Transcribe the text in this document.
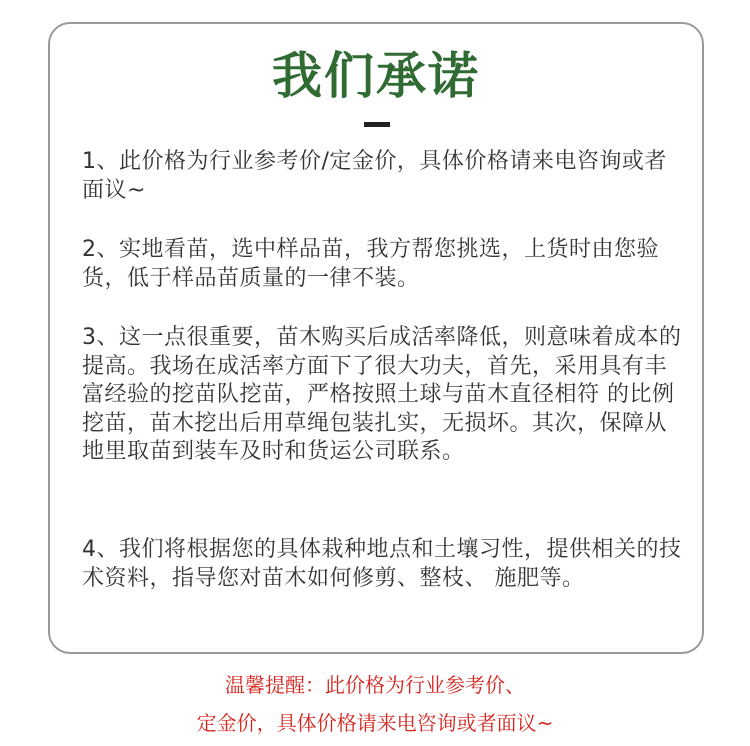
我们承诺

1、此价格为行业参考价/定金价，具体价格请来电咨询或者面议~

2、实地看苗，选中样品苗，我方帮您挑选，上货时由您验货，低于样品苗质量的一律不装。

3、这一点很重要，苗木购买后成活率降低，则意味着成本的提高。我场在成活率方面下了很大功夫，首先，采用具有丰富经验的挖苗队挖苗，严格按照土球与苗木直径相符 的比例挖苗，苗木挖出后用草绳包装扎实，无损坏。其次，保障从地里取苗到装车及时和货运公司联系。

4、我们将根据您的具体栽种地点和土壤习性，提供相关的技术资料，指导您对苗木如何修剪、整枝、 施肥等。

温馨提醒：此价格为行业参考价、

定金价，具体价格请来电咨询或者面议~
